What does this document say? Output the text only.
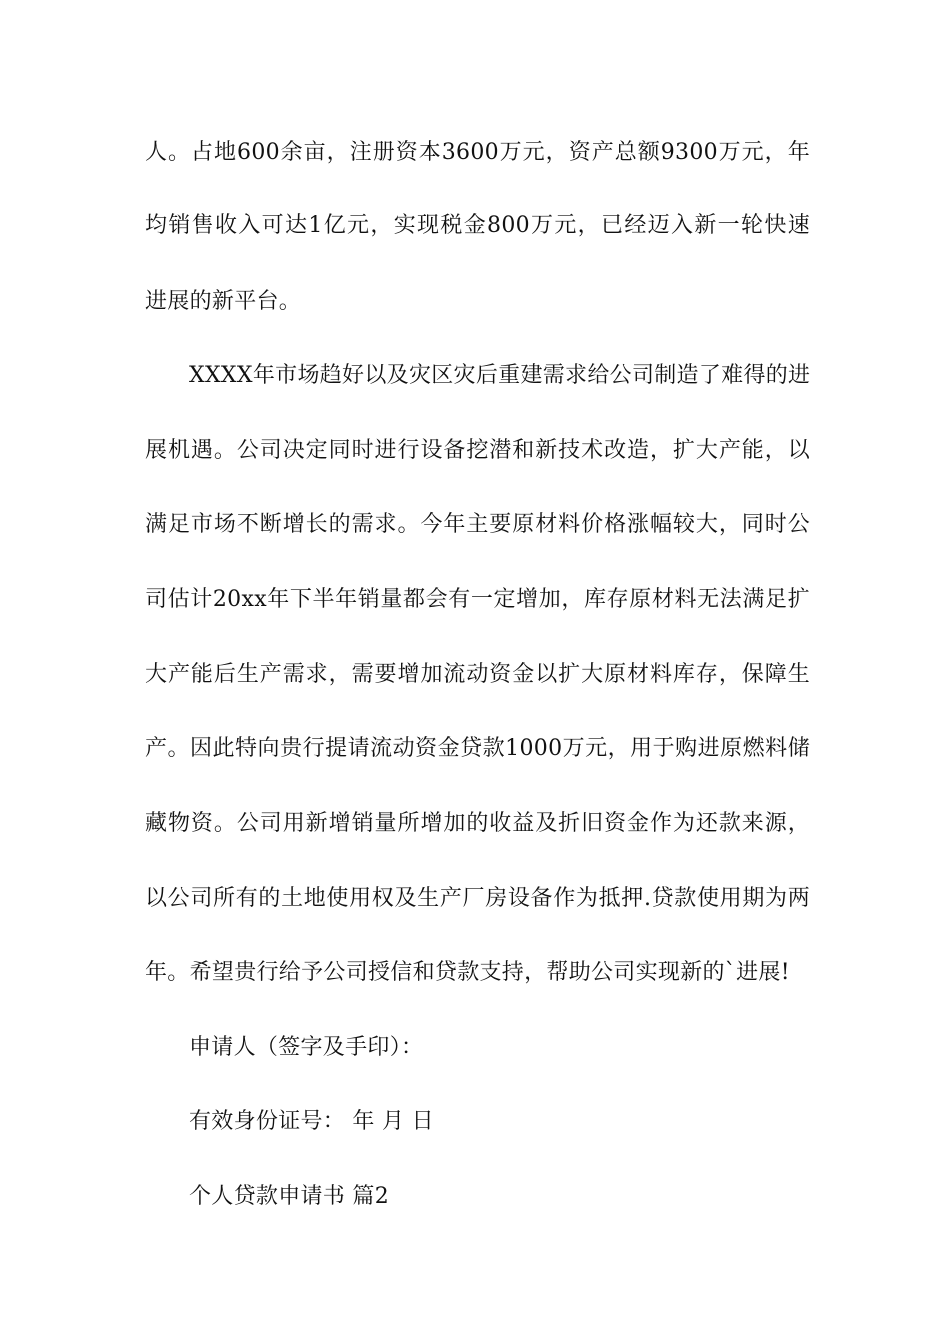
人。占地600余亩，注册资本3600万元，资产总额9300万元，年
均销售收入可达1亿元，实现税金800万元，已经迈入新一轮快速
进展的新平台。
XXXX年市场趋好以及灾区灾后重建需求给公司制造了难得的进
展机遇。公司决定同时进行设备挖潜和新技术改造，扩大产能，以
满足市场不断增长的需求。今年主要原材料价格涨幅较大，同时公
司估计20xx年下半年销量都会有一定增加，库存原材料无法满足扩
大产能后生产需求，需要增加流动资金以扩大原材料库存，保障生
产。因此特向贵行提请流动资金贷款1000万元，用于购进原燃料储
藏物资。公司用新增销量所增加的收益及折旧资金作为还款来源，
以公司所有的土地使用权及生产厂房设备作为抵押.贷款使用期为两
年。希望贵行给予公司授信和贷款支持，帮助公司实现新的`进展!
申请人（签字及手印）：
有效身份证号： 年 月 日
个人贷款申请书 篇2
